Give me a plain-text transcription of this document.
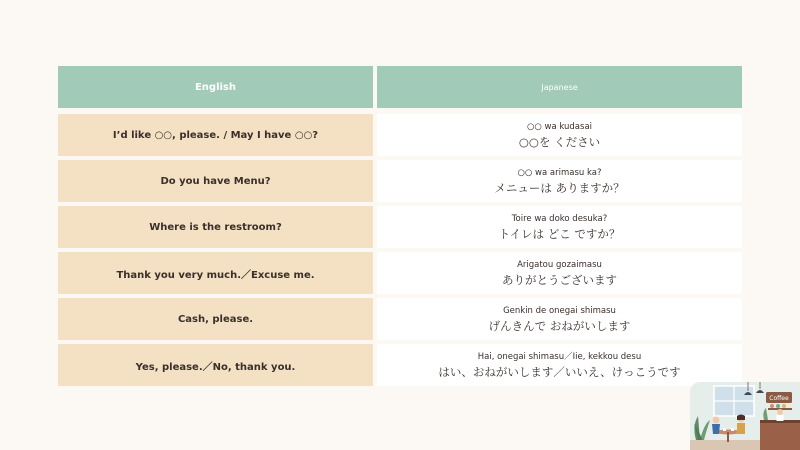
English	Japanese
I’d like ○○, please. / May I have ○○?
○○ wa kudasai
○○を ください
Do you have Menu?
○○ wa arimasu ka?
メニューは ありますか？
Where is the restroom?
Toire wa doko desuka?
トイレは どこ ですか？
Thank you very much.／Excuse me.
Arigatou gozaimasu
ありがとうございます
Cash, please.
Genkin de onegai shimasu
げんきんで おねがいします
Yes, please.／No, thank you.
Hai, onegai shimasu／Iie, kekkou desu
はい、おねがいします／いいえ、けっこうです
Coffee
